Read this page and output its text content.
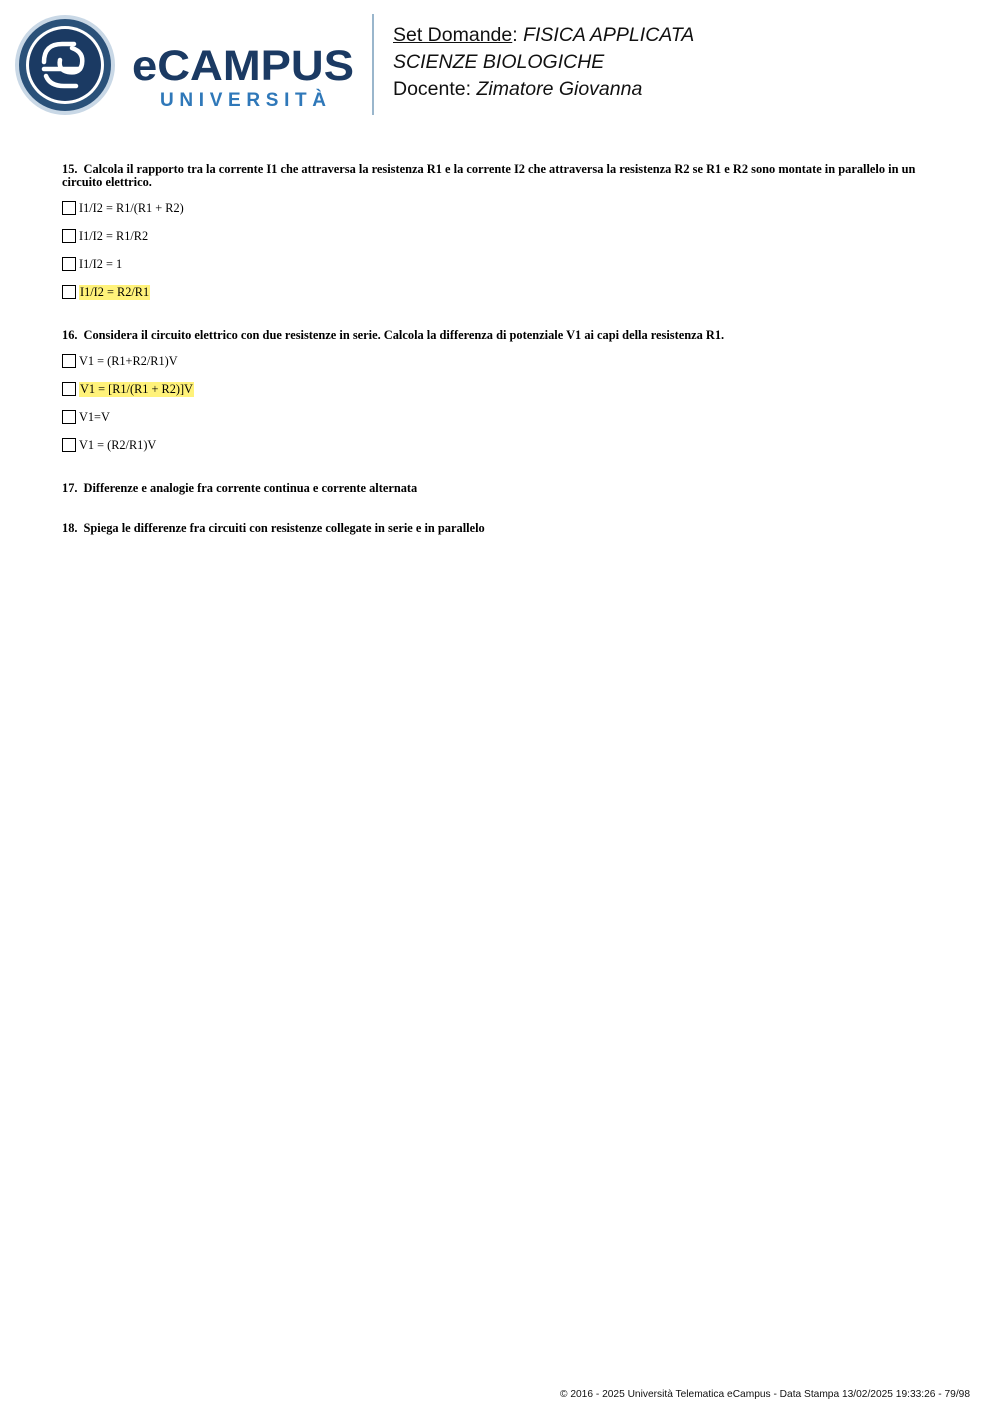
eCAMPUS
UNIVERSITÀ
Set Domande: FISICA APPLICATA
SCIENZE BIOLOGICHE
Docente: Zimatore Giovanna

15. Calcola il rapporto tra la corrente I1 che attraversa la resistenza R1 e la corrente I2 che attraversa la resistenza R2 se R1 e R2 sono montate in parallelo in un circuito elettrico.

I1/I2 = R1/(R1 + R2)
I1/I2 = R1/R2
I1/I2 = 1
I1/I2 = R2/R1

16. Considera il circuito elettrico con due resistenze in serie. Calcola la differenza di potenziale V1 ai capi della resistenza R1.

V1 = (R1+R2/R1)V
V1 = [R1/(R1 + R2)]V
V1=V
V1 = (R2/R1)V

17. Differenze e analogie fra corrente continua e corrente alternata

18. Spiega le differenze fra circuiti con resistenze collegate in serie e in parallelo

© 2016 - 2025 Università Telematica eCampus - Data Stampa 13/02/2025 19:33:26 - 79/98
